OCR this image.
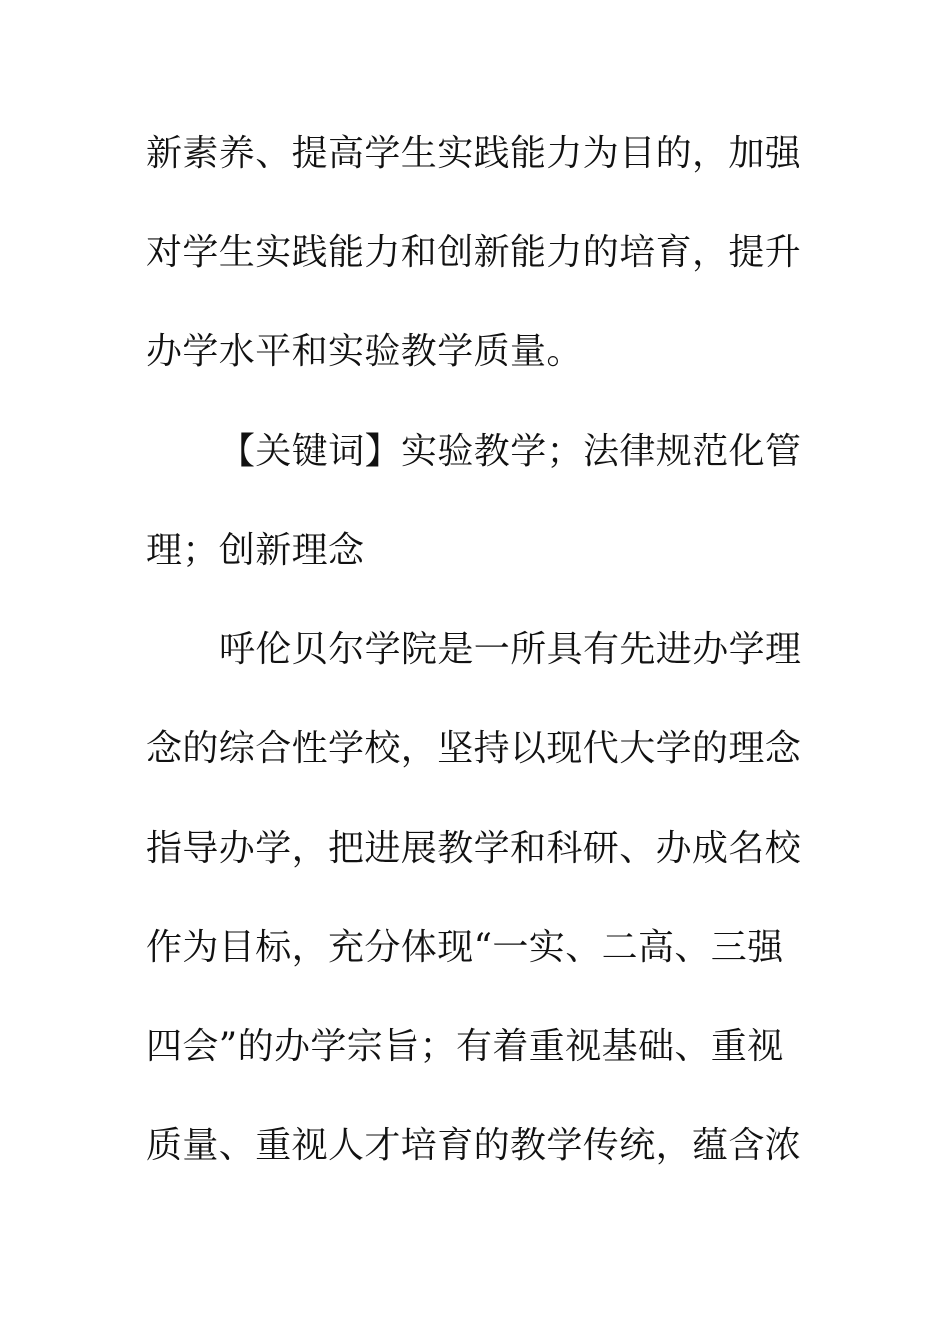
新素养、提高学生实践能力为目的，加强
对学生实践能力和创新能力的培育，提升
办学水平和实验教学质量。
【关键词】实验教学；法律规范化管
理；创新理念
呼伦贝尔学院是一所具有先进办学理
念的综合性学校，坚持以现代大学的理念
指导办学，把进展教学和科研、办成名校
作为目标，充分体现“一实、二高、三强
四会”的办学宗旨；有着重视基础、重视
质量、重视人才培育的教学传统，蕴含浓
